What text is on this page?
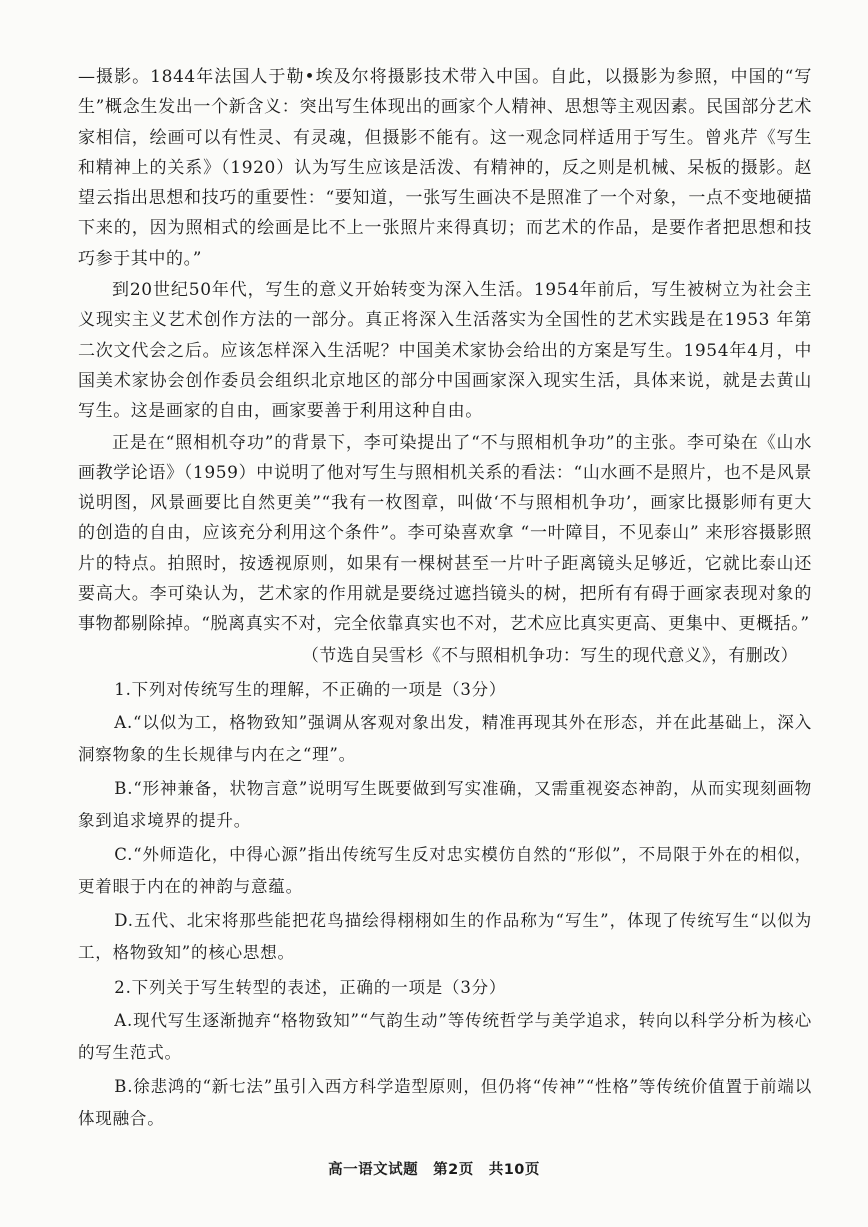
—摄影。1844年法国人于勒•埃及尔将摄影技术带入中国。自此，以摄影为参照，中国的“写生”概念生发出一个新含义：突出写生体现出的画家个人精神、思想等主观因素。民国部分艺术家相信，绘画可以有性灵、有灵魂，但摄影不能有。这一观念同样适用于写生。曾兆芹《写生和精神上的关系》（1920）认为写生应该是活泼、有精神的，反之则是机械、呆板的摄影。赵望云指出思想和技巧的重要性：“要知道，一张写生画决不是照准了一个对象，一点不变地硬描下来的，因为照相式的绘画是比不上一张照片来得真切；而艺术的作品，是要作者把思想和技巧参于其中的。”

到20世纪50年代，写生的意义开始转变为深入生活。1954年前后，写生被树立为社会主义现实主义艺术创作方法的一部分。真正将深入生活落实为全国性的艺术实践是在1953 年第二次文代会之后。应该怎样深入生活呢？中国美术家协会给出的方案是写生。1954年4月，中国美术家协会创作委员会组织北京地区的部分中国画家深入现实生活，具体来说，就是去黄山写生。这是画家的自由，画家要善于利用这种自由。

正是在“照相机夺功”的背景下，李可染提出了“不与照相机争功”的主张。李可染在《山水画教学论语》（1959）中说明了他对写生与照相机关系的看法：“山水画不是照片，也不是风景说明图，风景画要比自然更美”“我有一枚图章，叫做‘不与照相机争功’，画家比摄影师有更大的创造的自由，应该充分利用这个条件”。李可染喜欢拿 “一叶障目，不见泰山” 来形容摄影照片的特点。拍照时，按透视原则，如果有一棵树甚至一片叶子距离镜头足够近，它就比泰山还要高大。李可染认为，艺术家的作用就是要绕过遮挡镜头的树，把所有有碍于画家表现对象的事物都剔除掉。“脱离真实不对，完全依靠真实也不对，艺术应比真实更高、更集中、更概括。”

（节选自吴雪杉《不与照相机争功：写生的现代意义》，有删改）

1.下列对传统写生的理解，不正确的一项是（3分）

A.“以似为工，格物致知”强调从客观对象出发，精准再现其外在形态，并在此基础上，深入洞察物象的生长规律与内在之“理”。

B.“形神兼备，状物言意”说明写生既要做到写实准确，又需重视姿态神韵，从而实现刻画物象到追求境界的提升。

C.“外师造化，中得心源”指出传统写生反对忠实模仿自然的“形似”，不局限于外在的相似，更着眼于内在的神韵与意蕴。

D.五代、北宋将那些能把花鸟描绘得栩栩如生的作品称为“写生”，体现了传统写生“以似为工，格物致知”的核心思想。

2.下列关于写生转型的表述，正确的一项是（3分）

A.现代写生逐渐抛弃“格物致知”“气韵生动”等传统哲学与美学追求，转向以科学分析为核心的写生范式。

B.徐悲鸿的“新七法”虽引入西方科学造型原则，但仍将“传神”“性格”等传统价值置于前端以体现融合。

高一语文试题　第2页　共10页
